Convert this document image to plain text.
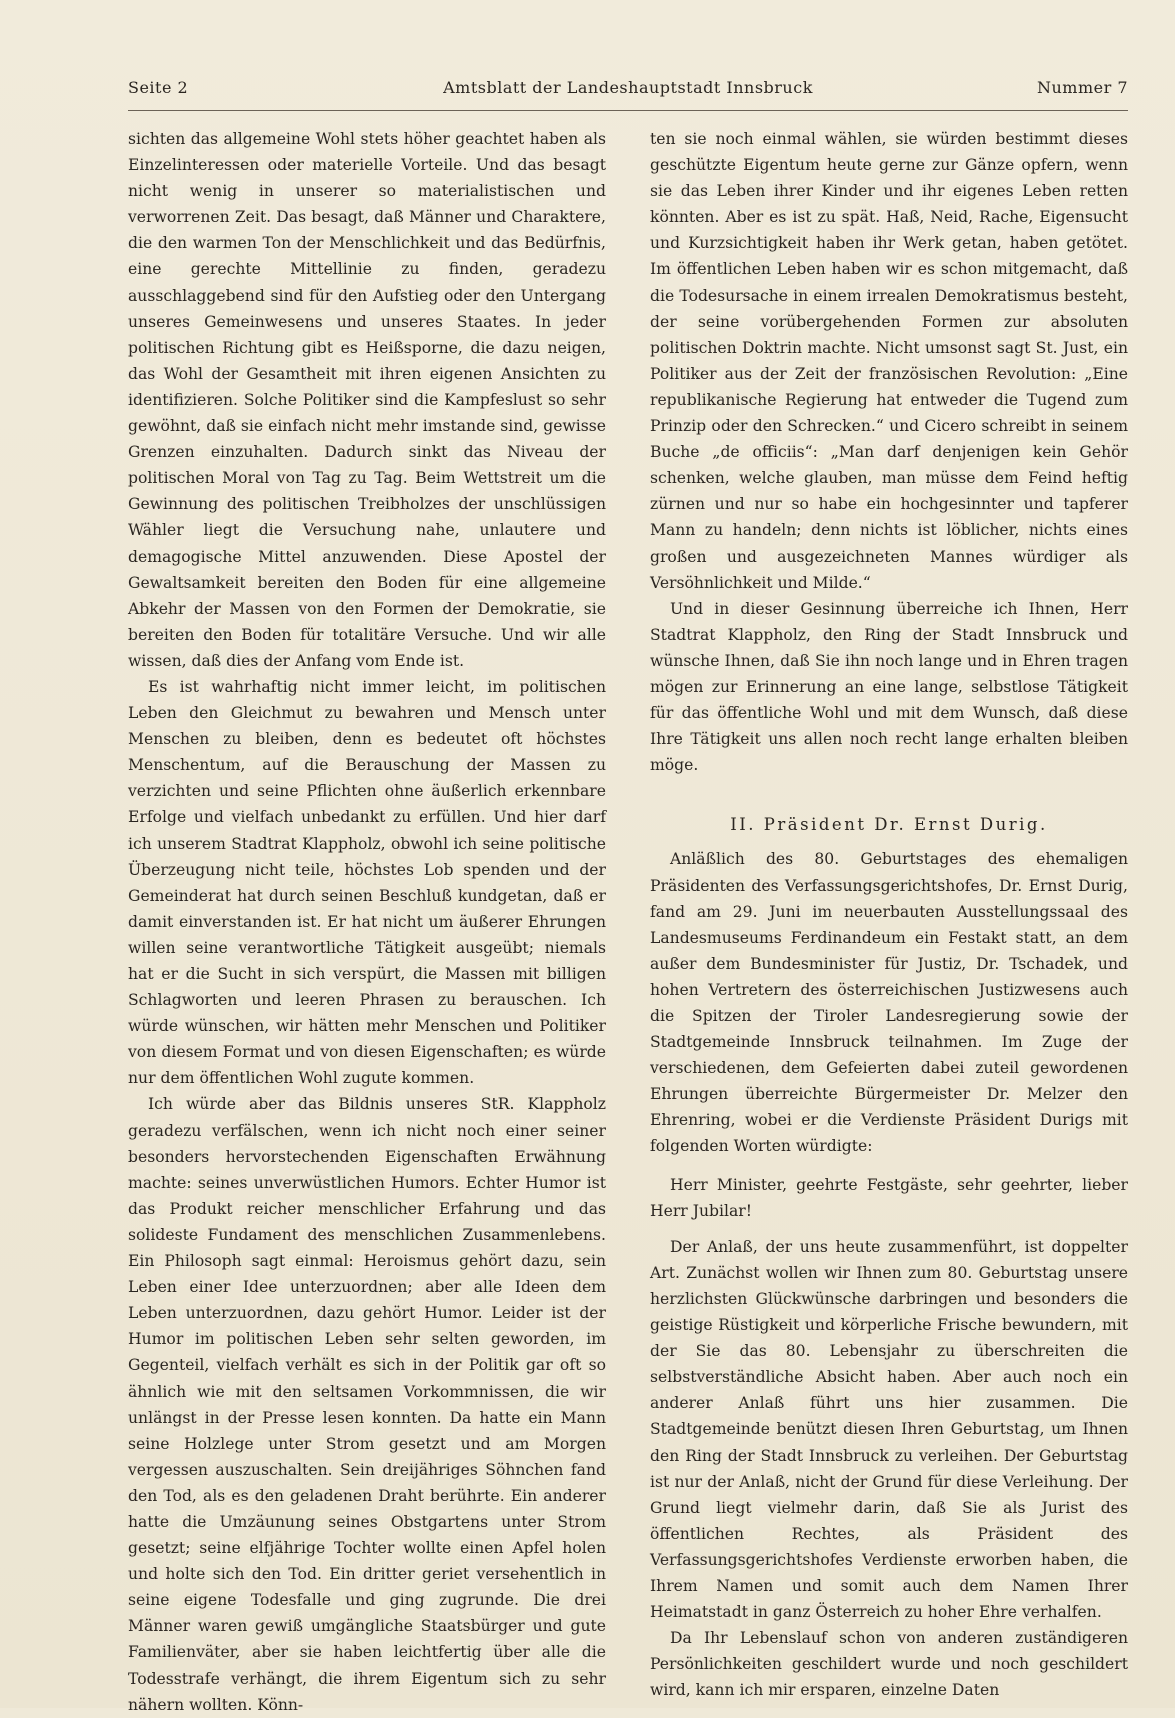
Seite 2	Amtsblatt der Landeshauptstadt Innsbruck	Nummer 7

sichten das allgemeine Wohl stets höher geachtet haben als Einzelinteressen oder materielle Vorteile. Und das besagt nicht wenig in unserer so materialistischen und verworrenen Zeit. Das besagt, daß Männer und Charaktere, die den warmen Ton der Menschlichkeit und das Bedürfnis, eine gerechte Mittellinie zu finden, geradezu ausschlaggebend sind für den Aufstieg oder den Untergang unseres Gemeinwesens und unseres Staates. In jeder politischen Richtung gibt es Heißsporne, die dazu neigen, das Wohl der Gesamtheit mit ihren eigenen Ansichten zu identifizieren. Solche Politiker sind die Kampfeslust so sehr gewöhnt, daß sie einfach nicht mehr imstande sind, gewisse Grenzen einzuhalten. Dadurch sinkt das Niveau der politischen Moral von Tag zu Tag. Beim Wettstreit um die Gewinnung des politischen Treibholzes der unschlüssigen Wähler liegt die Versuchung nahe, unlautere und demagogische Mittel anzuwenden. Diese Apostel der Gewaltsamkeit bereiten den Boden für eine allgemeine Abkehr der Massen von den Formen der Demokratie, sie bereiten den Boden für totalitäre Versuche. Und wir alle wissen, daß dies der Anfang vom Ende ist.

Es ist wahrhaftig nicht immer leicht, im politischen Leben den Gleichmut zu bewahren und Mensch unter Menschen zu bleiben, denn es bedeutet oft höchstes Menschentum, auf die Berauschung der Massen zu verzichten und seine Pflichten ohne äußerlich erkennbare Erfolge und vielfach unbedankt zu erfüllen. Und hier darf ich unserem Stadtrat Klappholz, obwohl ich seine politische Überzeugung nicht teile, höchstes Lob spenden und der Gemeinderat hat durch seinen Beschluß kundgetan, daß er damit einverstanden ist. Er hat nicht um äußerer Ehrungen willen seine verantwortliche Tätigkeit ausgeübt; niemals hat er die Sucht in sich verspürt, die Massen mit billigen Schlagworten und leeren Phrasen zu berauschen. Ich würde wünschen, wir hätten mehr Menschen und Politiker von diesem Format und von diesen Eigenschaften; es würde nur dem öffentlichen Wohl zugute kommen.

Ich würde aber das Bildnis unseres StR. Klappholz geradezu verfälschen, wenn ich nicht noch einer seiner besonders hervorstechenden Eigenschaften Erwähnung machte: seines unverwüstlichen Humors. Echter Humor ist das Produkt reicher menschlicher Erfahrung und das solideste Fundament des menschlichen Zusammenlebens. Ein Philosoph sagt einmal: Heroismus gehört dazu, sein Leben einer Idee unterzuordnen; aber alle Ideen dem Leben unterzuordnen, dazu gehört Humor. Leider ist der Humor im politischen Leben sehr selten geworden, im Gegenteil, vielfach verhält es sich in der Politik gar oft so ähnlich wie mit den seltsamen Vorkommnissen, die wir unlängst in der Presse lesen konnten. Da hatte ein Mann seine Holzlege unter Strom gesetzt und am Morgen vergessen auszuschalten. Sein dreijähriges Söhnchen fand den Tod, als es den geladenen Draht berührte. Ein anderer hatte die Umzäunung seines Obstgartens unter Strom gesetzt; seine elfjährige Tochter wollte einen Apfel holen und holte sich den Tod. Ein dritter geriet versehentlich in seine eigene Todesfalle und ging zugrunde. Die drei Männer waren gewiß umgängliche Staatsbürger und gute Familienväter, aber sie haben leichtfertig über alle die Todesstrafe verhängt, die ihrem Eigentum sich zu sehr nähern wollten. Könn-

ten sie noch einmal wählen, sie würden bestimmt dieses geschützte Eigentum heute gerne zur Gänze opfern, wenn sie das Leben ihrer Kinder und ihr eigenes Leben retten könnten. Aber es ist zu spät. Haß, Neid, Rache, Eigensucht und Kurzsichtigkeit haben ihr Werk getan, haben getötet. Im öffentlichen Leben haben wir es schon mitgemacht, daß die Todesursache in einem irrealen Demokratismus besteht, der seine vorübergehenden Formen zur absoluten politischen Doktrin machte. Nicht umsonst sagt St. Just, ein Politiker aus der Zeit der französischen Revolution: „Eine republikanische Regierung hat entweder die Tugend zum Prinzip oder den Schrecken.“ und Cicero schreibt in seinem Buche „de officiis“: „Man darf denjenigen kein Gehör schenken, welche glauben, man müsse dem Feind heftig zürnen und nur so habe ein hochgesinnter und tapferer Mann zu handeln; denn nichts ist löblicher, nichts eines großen und ausgezeichneten Mannes würdiger als Versöhnlichkeit und Milde.“

Und in dieser Gesinnung überreiche ich Ihnen, Herr Stadtrat Klappholz, den Ring der Stadt Innsbruck und wünsche Ihnen, daß Sie ihn noch lange und in Ehren tragen mögen zur Erinnerung an eine lange, selbstlose Tätigkeit für das öffentliche Wohl und mit dem Wunsch, daß diese Ihre Tätigkeit uns allen noch recht lange erhalten bleiben möge.

II. Präsident Dr. Ernst Durig.

Anläßlich des 80. Geburtstages des ehemaligen Präsidenten des Verfassungsgerichtshofes, Dr. Ernst Durig, fand am 29. Juni im neuerbauten Ausstellungssaal des Landesmuseums Ferdinandeum ein Festakt statt, an dem außer dem Bundesminister für Justiz, Dr. Tschadek, und hohen Vertretern des österreichischen Justizwesens auch die Spitzen der Tiroler Landesregierung sowie der Stadtgemeinde Innsbruck teilnahmen. Im Zuge der verschiedenen, dem Gefeierten dabei zuteil gewordenen Ehrungen überreichte Bürgermeister Dr. Melzer den Ehrenring, wobei er die Verdienste Präsident Durigs mit folgenden Worten würdigte:

Herr Minister, geehrte Festgäste, sehr geehrter, lieber Herr Jubilar!

Der Anlaß, der uns heute zusammenführt, ist doppelter Art. Zunächst wollen wir Ihnen zum 80. Geburtstag unsere herzlichsten Glückwünsche darbringen und besonders die geistige Rüstigkeit und körperliche Frische bewundern, mit der Sie das 80. Lebensjahr zu überschreiten die selbstverständliche Absicht haben. Aber auch noch ein anderer Anlaß führt uns hier zusammen. Die Stadtgemeinde benützt diesen Ihren Geburtstag, um Ihnen den Ring der Stadt Innsbruck zu verleihen. Der Geburtstag ist nur der Anlaß, nicht der Grund für diese Verleihung. Der Grund liegt vielmehr darin, daß Sie als Jurist des öffentlichen Rechtes, als Präsident des Verfassungsgerichtshofes Verdienste erworben haben, die Ihrem Namen und somit auch dem Namen Ihrer Heimatstadt in ganz Österreich zu hoher Ehre verhalfen.

Da Ihr Lebenslauf schon von anderen zuständigeren Persönlichkeiten geschildert wurde und noch geschildert wird, kann ich mir ersparen, einzelne Daten
